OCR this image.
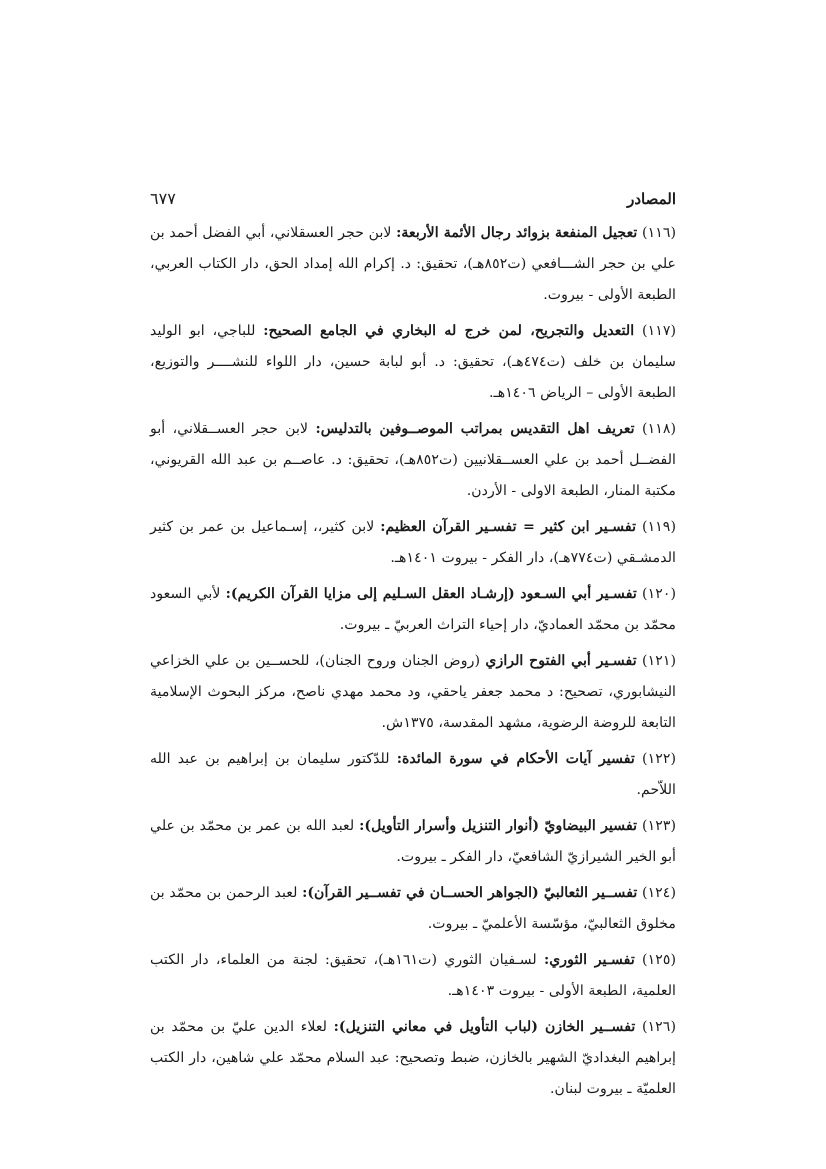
المصادر
٦٧٧
(١١٦) تعجيل المنفعة بزوائد رجال الأئمة الأربعة: لابن حجر العسقلاني، أبي الفضل أحمد بن علي بن حجر الشـــافعي (ت٨٥٢هـ)، تحقيق: د. إكرام الله إمداد الحق، دار الكتاب العربي، الطبعة الأولى - بيروت.
(١١٧) التعديل والتجريح، لمن خرج له البخاري في الجامع الصحيح: للباجي، ابو الوليد سليمان بن خلف (ت٤٧٤هـ)، تحقيق: د. أبو لبابة حسين، دار اللواء للنشــــر والتوزيع، الطبعة الأولى – الرياض ١٤٠٦هـ.
(١١٨) تعريف اهل التقديس بمراتب الموصــوفين بالتدليس: لابن حجر العســقلاني، أبو الفضــل أحمد بن علي العســقلانيين (ت٨٥٢هـ)، تحقيق: د. عاصــم بن عبد الله القريوني، مكتبة المنار، الطبعة الاولى - الأردن.
(١١٩) تفسـير ابن كثير = تفسـير القرآن العظيم: لابن كثير،، إسـماعيل بن عمر بن كثير الدمشـقي (ت٧٧٤هـ)، دار الفكر - بيروت ١٤٠١هـ.
(١٢٠) تفسـير أبي السـعود (إرشـاد العقل السـليم إلى مزايا القرآن الكريم): لأبي السعود محمّد بن محمّد العماديّ، دار إحياء التراث العربيّ ـ بيروت.
(١٢١) تفسـير أبي الفتوح الرازي (روض الجنان وروح الجنان)، للحســين بن علي الخزاعي النيشابوري، تصحيح: د محمد جعفر ياحقي، ود محمد مهدي ناصح، مركز البحوث الإسلامية التابعة للروضة الرضوية، مشهد المقدسة، ١٣٧٥ش.
(١٢٢) تفسير آيات الأحكام في سورة المائدة: للدّكتور سليمان بن إبراهيم بن عبد الله اللاّحم.
(١٢٣) تفسير البيضاويّ (أنوار التنزيل وأسرار التأويل): لعبد الله بن عمر بن محمّد بن علي أبو الخير الشيرازيّ الشافعيّ، دار الفكر ـ بيروت.
(١٢٤) تفســير الثعالبيّ (الجواهر الحســان في تفســير القرآن): لعبد الرحمن بن محمّد بن مخلوق الثعالبيّ، مؤسّسة الأعلميّ ـ بيروت.
(١٢٥) تفسـير الثوري: لسـفيان الثوري (ت١٦١هـ)، تحقيق: لجنة من العلماء، دار الكتب العلمية، الطبعة الأولى - بيروت ١٤٠٣هـ.
(١٢٦) تفســير الخازن (لباب التأويل في معاني التنزيل): لعلاء الدين عليّ بن محمّد بن إبراهيم البغداديّ الشهير بالخازن، ضبط وتصحيح: عبد السلام محمّد علي شاهين، دار الكتب العلميّة ـ بيروت لبنان.
